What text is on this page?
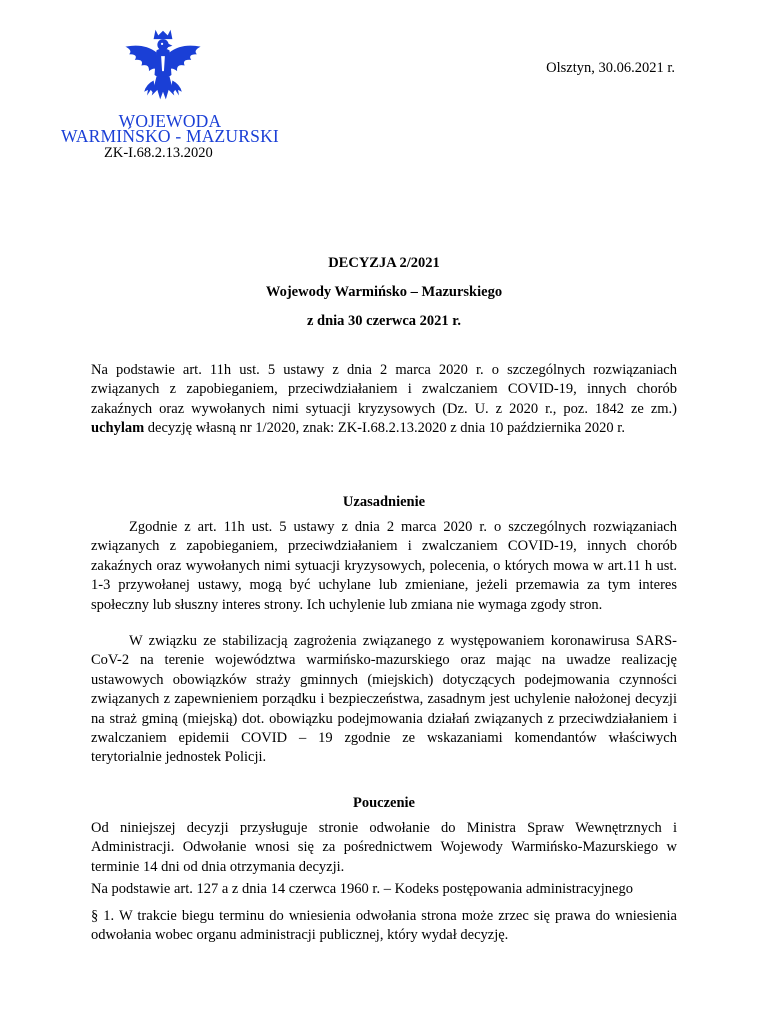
WOJEWODA
WARMIŃSKO - MAZURSKI
ZK-I.68.2.13.2020
Olsztyn, 30.06.2021 r.
DECYZJA 2/2021
Wojewody Warmińsko – Mazurskiego
z dnia 30 czerwca 2021 r.

Na podstawie art. 11h ust. 5 ustawy z dnia 2 marca 2020 r. o szczególnych rozwiązaniach związanych z zapobieganiem, przeciwdziałaniem i zwalczaniem COVID-19, innych chorób zakaźnych oraz wywołanych nimi sytuacji kryzysowych (Dz. U. z 2020 r., poz. 1842 ze zm.) uchylam decyzję własną nr 1/2020, znak: ZK-I.68.2.13.2020 z dnia 10 października 2020 r.

Uzasadnienie

Zgodnie z art. 11h ust. 5 ustawy z dnia 2 marca 2020 r. o szczególnych rozwiązaniach związanych z zapobieganiem, przeciwdziałaniem i zwalczaniem COVID-19, innych chorób zakaźnych oraz wywołanych nimi sytuacji kryzysowych, polecenia, o których mowa w art.11 h ust. 1-3 przywołanej ustawy, mogą być uchylane lub zmieniane, jeżeli przemawia za tym interes społeczny lub słuszny interes strony. Ich uchylenie lub zmiana nie wymaga zgody stron.

W związku ze stabilizacją zagrożenia związanego z występowaniem koronawirusa SARS-CoV-2 na terenie województwa warmińsko-mazurskiego oraz mając na uwadze realizację ustawowych obowiązków straży gminnych (miejskich) dotyczących podejmowania czynności związanych z zapewnieniem porządku i bezpieczeństwa, zasadnym jest uchylenie nałożonej decyzji na straż gminą (miejską) dot. obowiązku podejmowania działań związanych z przeciwdziałaniem i zwalczaniem epidemii COVID – 19 zgodnie ze wskazaniami komendantów właściwych terytorialnie jednostek Policji.

Pouczenie

Od niniejszej decyzji przysługuje stronie odwołanie do Ministra Spraw Wewnętrznych i Administracji. Odwołanie wnosi się za pośrednictwem Wojewody Warmińsko-Mazurskiego w terminie 14 dni od dnia otrzymania decyzji.

Na podstawie art. 127 a z dnia 14 czerwca 1960 r. – Kodeks postępowania administracyjnego

§ 1. W trakcie biegu terminu do wniesienia odwołania strona może zrzec się prawa do wniesienia odwołania wobec organu administracji publicznej, który wydał decyzję.
